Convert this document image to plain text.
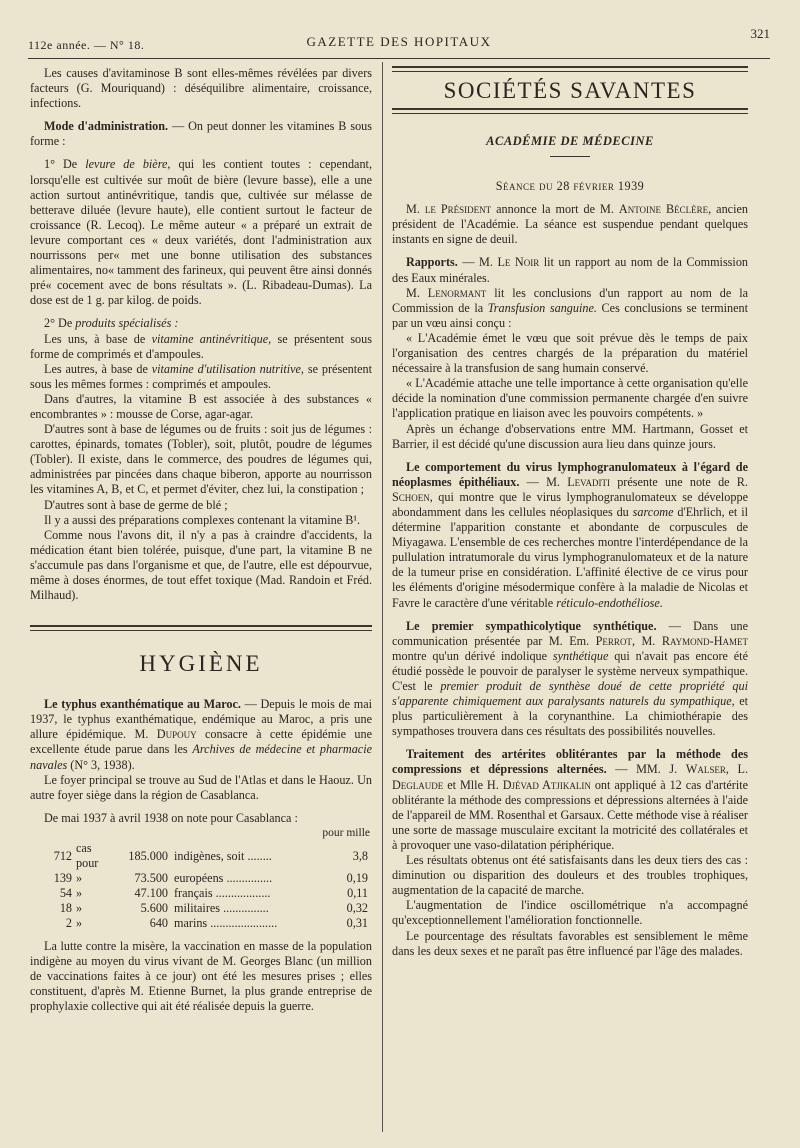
112e année. — N° 18.	GAZETTE DES HOPITAUX
321

Les causes d'avitaminose B sont elles-mêmes révélées par divers facteurs (G. Mouriquand) : déséquilibre alimentaire, croissance, infections.

Mode d'administration. — On peut donner les vitamines B sous forme :

1° De levure de bière, qui les contient toutes : cependant, lorsqu'elle est cultivée sur moût de bière (levure basse), elle a une action surtout antinévritique, tandis que, cultivée sur mélasse de betterave diluée (levure haute), elle contient surtout le facteur de croissance (R. Lecoq). Le même auteur « a préparé un extrait de levure comportant ces « deux variétés, dont l'administration aux nourrissons per« met une bonne utilisation des substances alimentaires, no« tamment des farineux, qui peuvent être ainsi donnés pré« cocement avec de bons résultats ». (L. Ribadeau-Dumas). La dose est de 1 g. par kilog. de poids.

2° De produits spécialisés :

Les uns, à base de vitamine antinévritique, se présentent sous forme de comprimés et d'ampoules.

Les autres, à base de vitamine d'utilisation nutritive, se présentent sous les mêmes formes : comprimés et ampoules.

Dans d'autres, la vitamine B est associée à des substances « encombrantes » : mousse de Corse, agar-agar.

D'autres sont à base de légumes ou de fruits : soit jus de légumes : carottes, épinards, tomates (Tobler), soit, plutôt, poudre de légumes (Tobler). Il existe, dans le commerce, des poudres de légumes qui, administrées par pincées dans chaque biberon, apporte au nourrisson les vitamines A, B, et C, et permet d'éviter, chez lui, la constipation ;

D'autres sont à base de germe de blé ;

Il y a aussi des préparations complexes contenant la vitamine B¹.

Comme nous l'avons dit, il n'y a pas à craindre d'accidents, la médication étant bien tolérée, puisque, d'une part, la vitamine B ne s'accumule pas dans l'organisme et que, de l'autre, elle est dépourvue, même à doses énormes, de tout effet toxique (Mad. Randoin et Fréd. Milhaud).

HYGIÈNE

Le typhus exanthématique au Maroc. — Depuis le mois de mai 1937, le typhus exanthématique, endémique au Maroc, a pris une allure épidémique. M. Dupouy consacre à cette épidémie une excellente étude parue dans les Archives de médecine et pharmacie navales (N° 3, 1938).

Le foyer principal se trouve au Sud de l'Atlas et dans le Haouz. Un autre foyer siège dans la région de Casablanca.

De mai 1937 à avril 1938 on note pour Casablanca :

pour mille
712	cas pour	185.000	indigènes, soit ........	3,8
139	»	73.500	européens ...............	0,19
54	»	47.100	français ..................	0,11
18	»	5.600	militaires ...............	0,32
2	»	640	marins ......................	0,31

La lutte contre la misère, la vaccination en masse de la population indigène au moyen du virus vivant de M. Georges Blanc (un million de vaccinations faites à ce jour) ont été les mesures prises ; elles constituent, d'après M. Etienne Burnet, la plus grande entreprise de prophylaxie collective qui ait été réalisée depuis la guerre.

SOCIÉTÉS SAVANTES
ACADÉMIE DE MÉDECINE
Séance du 28 février 1939

M. le Président annonce la mort de M. Antoine Béclère, ancien président de l'Académie. La séance est suspendue pendant quelques instants en signe de deuil.

Rapports. — M. Le Noir lit un rapport au nom de la Commission des Eaux minérales.

M. Lenormant lit les conclusions d'un rapport au nom de la Commission de la Transfusion sanguine. Ces conclusions se terminent par un vœu ainsi conçu :

« L'Académie émet le vœu que soit prévue dès le temps de paix l'organisation des centres chargés de la préparation du matériel nécessaire à la transfusion de sang humain conservé.

« L'Académie attache une telle importance à cette organisation qu'elle décide la nomination d'une commission permanente chargée d'en suivre l'application pratique en liaison avec les pouvoirs compétents. »

Après un échange d'observations entre MM. Hartmann, Gosset et Barrier, il est décidé qu'une discussion aura lieu dans quinze jours.

Le comportement du virus lymphogranulomateux à l'égard de néoplasmes épithéliaux. — M. Levaditi présente une note de R. Schoen, qui montre que le virus lymphogranulomateux se développe abondamment dans les cellules néoplasiques du sarcome d'Ehrlich, et il détermine l'apparition constante et abondante de corpuscules de Miyagawa. L'ensemble de ces recherches montre l'interdépendance de la pullulation intratumorale du virus lymphogranulomateux et de la nature de la tumeur prise en considération. L'affinité élective de ce virus pour les éléments d'origine mésodermique confère à la maladie de Nicolas et Favre le caractère d'une véritable réticulo-endothéliose.

Le premier sympathicolytique synthétique. — Dans une communication présentée par M. Em. Perrot, M. Raymond-Hamet montre qu'un dérivé indolique synthétique qui n'avait pas encore été étudié possède le pouvoir de paralyser le système nerveux sympathique. C'est le premier produit de synthèse doué de cette propriété qui s'apparente chimiquement aux paralysants naturels du sympathique, et plus particulièrement à la corynanthine. La chimiothérapie des sympathoses trouvera dans ces résultats des possibilités nouvelles.

Traitement des artérites oblitérantes par la méthode des compressions et dépressions alternées. — MM. J. Walser, L. Deglaude et Mlle H. Djévad Atjikalin ont appliqué à 12 cas d'artérite oblitérante la méthode des compressions et dépressions alternées à l'aide de l'appareil de MM. Rosenthal et Garsaux. Cette méthode vise à réaliser une sorte de massage musculaire excitant la motricité des collatérales et à provoquer une vaso-dilatation périphérique.

Les résultats obtenus ont été satisfaisants dans les deux tiers des cas : diminution ou disparition des douleurs et des troubles trophiques, augmentation de la capacité de marche.

L'augmentation de l'indice oscillométrique n'a accompagné qu'exceptionnellement l'amélioration fonctionnelle.

Le pourcentage des résultats favorables est sensiblement le même dans les deux sexes et ne paraît pas être influencé par l'âge des malades.
